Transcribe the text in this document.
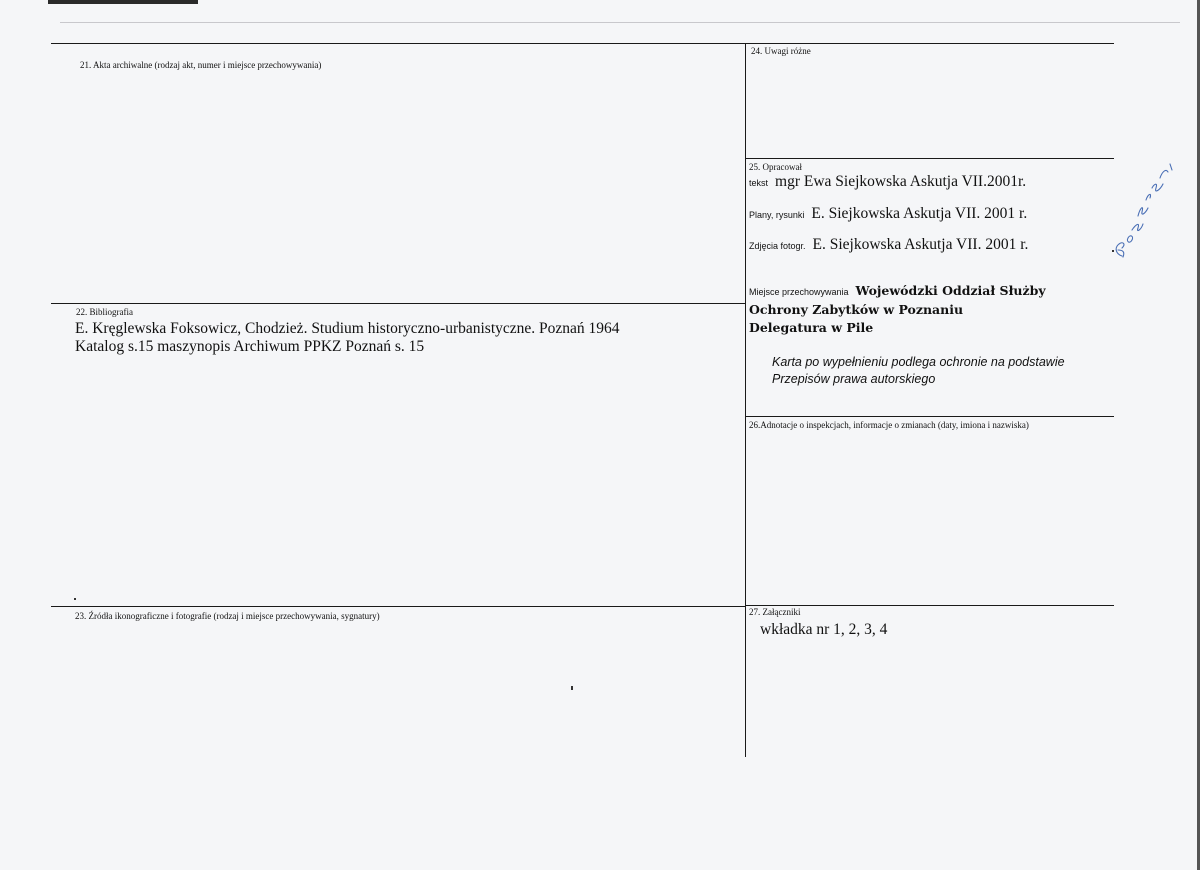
21. Akta archiwalne (rodzaj akt, numer i miejsce przechowywania)
22. Bibliografia
E. Kręglewska Foksowicz, Chodzież. Studium historyczno-urbanistyczne. Poznań 1964
Katalog s.15 maszynopis Archiwum PPKZ Poznań s. 15
23. Źródła ikonograficzne i fotografie (rodzaj i miejsce przechowywania, sygnatury)
24. Uwagi różne
25. Opracował
tekst mgr Ewa Siejkowska Askutja VII.2001r.
Plany, rysunki E. Siejkowska Askutja VII. 2001 r.
Zdjęcia fotogr. E. Siejkowska Askutja VII. 2001 r.
Miejsce przechowywania Wojewódzki Oddział Służby
Ochrony Zabytków w Poznaniu
Delegatura w Pile
Karta po wypełnieniu podlega ochronie na podstawie
Przepisów prawa autorskiego
26.Adnotacje o inspekcjach, informacje o zmianach (daty, imiona i nazwiska)
27. Załączniki
wkładka nr 1, 2, 3, 4
